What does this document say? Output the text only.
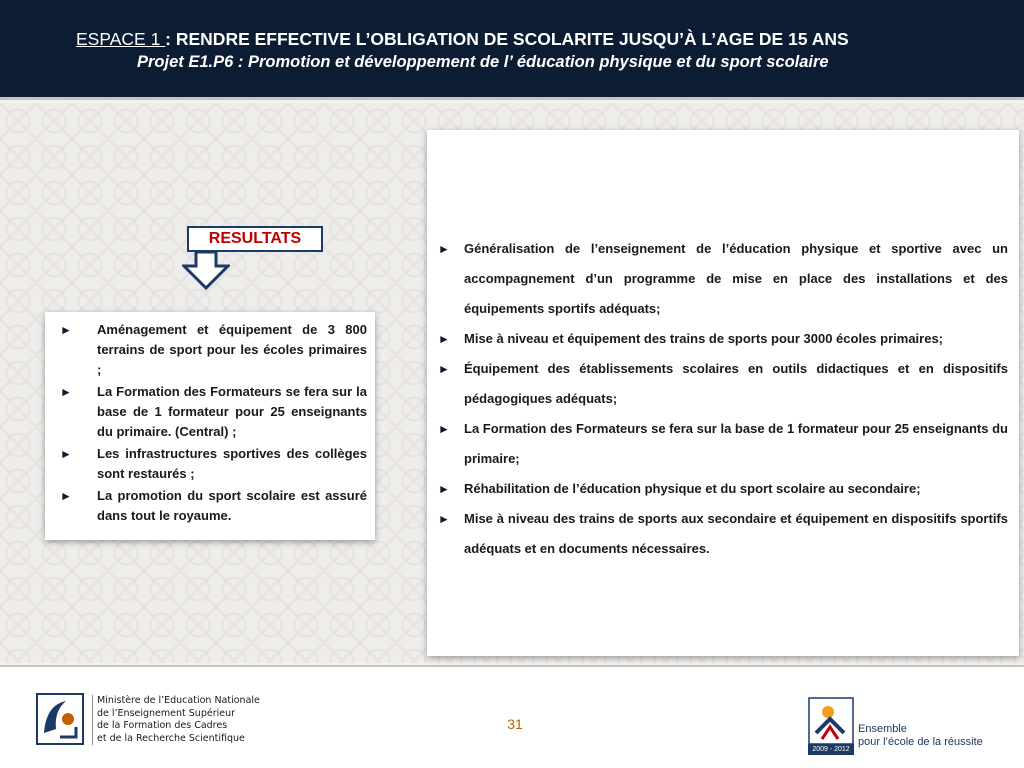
ESPACE 1 : RENDRE EFFECTIVE L’OBLIGATION DE SCOLARITE JUSQU’À L’AGE DE 15 ANS
Projet E1.P6 : Promotion et développement de l’ éducation physique et du sport scolaire
RESULTATS
► Aménagement et équipement de 3 800 terrains de sport pour les écoles primaires ;
► La Formation des Formateurs se fera sur la base de 1 formateur pour 25 enseignants du primaire. (Central) ;
► Les infrastructures sportives des collèges sont restaurés ;
► La promotion du sport scolaire est assuré dans tout le royaume.
► Généralisation de l’enseignement de l’éducation physique et sportive avec un accompagnement d’un programme de mise en place des installations et des équipements sportifs adéquats;
► Mise à niveau et équipement des trains de sports pour 3000 écoles primaires;
► Équipement des établissements scolaires en outils didactiques et en dispositifs pédagogiques adéquats;
► La Formation des Formateurs se fera sur la base de 1 formateur pour 25 enseignants du primaire;
► Réhabilitation de l’éducation physique et du sport scolaire au secondaire;
► Mise à niveau des trains de sports aux secondaire et équipement en dispositifs sportifs adéquats et en documents nécessaires.
Ministère de l’Education Nationale
de l’Enseignement Supérieur
de la Formation des Cadres
et de la Recherche Scientifique
31
2009 - 2012
Ensemble
pour l’école de la réussite
